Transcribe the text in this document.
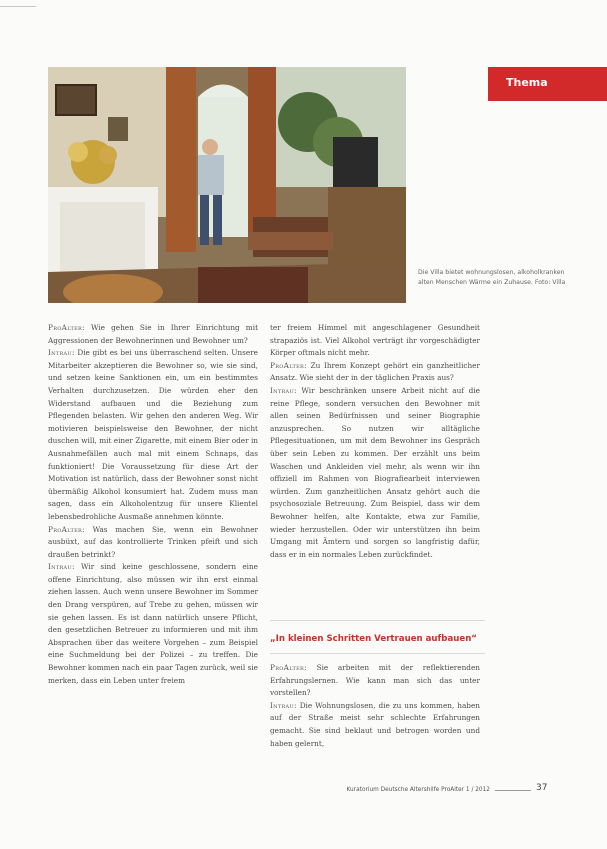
Thema
Die Villa bietet wohnungslosen, alkoholkranken alten Menschen Wärme ein Zuhause. Foto: Villa

ProAlter: Wie gehen Sie in Ihrer Einrichtung mit Aggressionen der Bewohnerinnen und Bewohner um?

Intrau: Die gibt es bei uns überraschend selten. Unsere Mitarbeiter akzeptieren die Bewohner so, wie sie sind, und setzen keine Sanktionen ein, um ein bestimmtes Verhalten durchzusetzen. Die würden eher den Widerstand aufbauen und die Beziehung zum Pflegenden belasten. Wir gehen den anderen Weg. Wir motivieren beispielsweise den Bewohner, der nicht duschen will, mit einer Zigarette, mit einem Bier oder in Ausnahmefällen auch mal mit einem Schnaps, das funktioniert! Die Voraussetzung für diese Art der Motivation ist natürlich, dass der Bewohner sonst nicht übermäßig Alkohol konsumiert hat. Zudem muss man sagen, dass ein Alkoholentzug für unsere Klientel lebensbedrohliche Ausmaße annehmen könnte.

ProAlter: Was machen Sie, wenn ein Bewohner ausbüxt, auf das kontrollierte Trinken pfeift und sich draußen betrinkt?

Intrau: Wir sind keine geschlossene, sondern eine offene Einrichtung, also müssen wir ihn erst einmal ziehen lassen. Auch wenn unsere Bewohner im Sommer den Drang verspüren, auf Trebe zu gehen, müssen wir sie gehen lassen. Es ist dann natürlich unsere Pflicht, den gesetzlichen Betreuer zu informieren und mit ihm Absprachen über das weitere Vorgehen – zum Beispiel eine Suchmeldung bei der Polizei – zu treffen. Die Bewohner kommen nach ein paar Tagen zurück, weil sie merken, dass ein Leben unter freiem

ter freiem Himmel mit angeschlagener Gesundheit strapaziös ist. Viel Alkohol verträgt ihr vorgeschädigter Körper oftmals nicht mehr.

ProAlter: Zu Ihrem Konzept gehört ein ganzheitlicher Ansatz. Wie sieht der in der täglichen Praxis aus?

Intrau: Wir beschränken unsere Arbeit nicht auf die reine Pflege, sondern versuchen den Bewohner mit allen seinen Bedürfnissen und seiner Biographie anzusprechen. So nutzen wir alltägliche Pflegesituationen, um mit dem Bewohner ins Gespräch über sein Leben zu kommen. Der erzählt uns beim Waschen und Ankleiden viel mehr, als wenn wir ihn offiziell im Rahmen von Biografiearbeit interviewen würden. Zum ganzheitlichen Ansatz gehört auch die psychosoziale Betreuung. Zum Beispiel, dass wir dem Bewohner helfen, alte Kontakte, etwa zur Familie, wieder herzustellen. Oder wir unterstützen ihn beim Umgang mit Ämtern und sorgen so langfristig dafür, dass er in ein normales Leben zurückfindet.

„In kleinen Schritten Vertrauen aufbauen“

ProAlter: Sie arbeiten mit der reflektierenden Erfahrungslernen. Wie kann man sich das unter vorstellen?

Intrau: Die Wohnungslosen, die zu uns kommen, haben auf der Straße meist sehr schlechte Erfahrungen gemacht. Sie sind beklaut und betrogen worden und haben gelernt,

Kuratorium Deutsche Altershilfe ProAlter 1 / 2012	37
